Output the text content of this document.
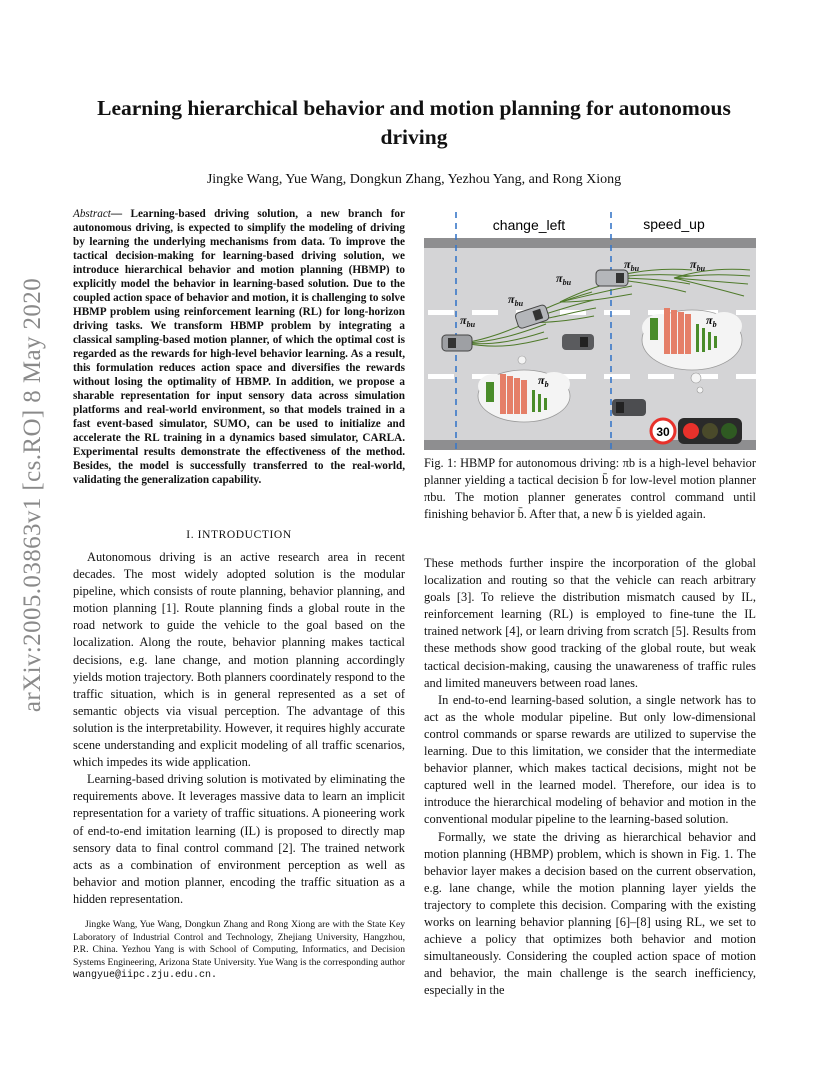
arXiv:2005.03863v1 [cs.RO] 8 May 2020
Learning hierarchical behavior and motion planning for autonomous driving
Jingke Wang, Yue Wang, Dongkun Zhang, Yezhou Yang, and Rong Xiong
Abstract— Learning-based driving solution, a new branch for autonomous driving, is expected to simplify the modeling of driving by learning the underlying mechanisms from data. To improve the tactical decision-making for learning-based driving solution, we introduce hierarchical behavior and motion planning (HBMP) to explicitly model the behavior in learning-based solution. Due to the coupled action space of behavior and motion, it is challenging to solve HBMP problem using reinforcement learning (RL) for long-horizon driving tasks. We transform HBMP problem by integrating a classical sampling-based motion planner, of which the optimal cost is regarded as the rewards for high-level behavior learning. As a result, this formulation reduces action space and diversifies the rewards without losing the optimality of HBMP. In addition, we propose a sharable representation for input sensory data across simulation platforms and real-world environment, so that models trained in a fast event-based simulator, SUMO, can be used to initialize and accelerate the RL training in a dynamics based simulator, CARLA. Experimental results demonstrate the effectiveness of the method. Besides, the model is successfully transferred to the real-world, validating the generalization capability.
I. INTRODUCTION

Autonomous driving is an active research area in recent decades. The most widely adopted solution is the modular pipeline, which consists of route planning, behavior planning, and motion planning [1]. Route planning finds a global route in the road network to guide the vehicle to the goal based on the localization. Along the route, behavior planning makes tactical decisions, e.g. lane change, and motion planning accordingly yields motion trajectory. Both planners coordinately respond to the traffic situation, which is in general represented as a set of semantic objects via visual perception. The advantage of this solution is the interpretability. However, it requires highly accurate scene understanding and explicit modeling of all traffic scenarios, which impedes its wide application.

Learning-based driving solution is motivated by eliminating the requirements above. It leverages massive data to learn an implicit representation for a variety of traffic situations. A pioneering work of end-to-end imitation learning (IL) is proposed to directly map sensory data to final control command [2]. The trained network acts as a combination of environment perception as well as behavior and motion planner, encoding the traffic situation as a hidden representation.

Jingke Wang, Yue Wang, Dongkun Zhang and Rong Xiong are with the State Key Laboratory of Industrial Control and Technology, Zhejiang University, Hangzhou, P.R. China. Yezhou Yang is with School of Computing, Informatics, and Decision Systems Engineering, Arizona State University. Yue Wang is the corresponding author wangyue@iipc.zju.edu.cn.

change_left	speed_up
$\pi_{bu}$
$\pi_{bu}$
$\pi_{bu}$
$\pi_{bu}$	$\pi_{bu}$
$\pi_b$
$\pi_b$
30
Fig. 1: HBMP for autonomous driving: πb is a high-level behavior planner yielding a tactical decision b̄ for low-level motion planner πbu. The motion planner generates control command until finishing behavior b̄. After that, a new b̄ is yielded again.

These methods further inspire the incorporation of the global localization and routing so that the vehicle can reach arbitrary goals [3]. To relieve the distribution mismatch caused by IL, reinforcement learning (RL) is employed to fine-tune the IL trained network [4], or learn driving from scratch [5]. Results from these methods show good tracking of the global route, but weak tactical decision-making, causing the unawareness of traffic rules and limited maneuvers between road lanes.

In end-to-end learning-based solution, a single network has to act as the whole modular pipeline. But only low-dimensional control commands or sparse rewards are utilized to supervise the learning. Due to this limitation, we consider that the intermediate behavior planner, which makes tactical decisions, might not be captured well in the learned model. Therefore, our idea is to introduce the hierarchical modeling of behavior and motion in the conventional modular pipeline to the learning-based solution.

Formally, we state the driving as hierarchical behavior and motion planning (HBMP) problem, which is shown in Fig. 1. The behavior layer makes a decision based on the current observation, e.g. lane change, while the motion planning layer yields the trajectory to complete this decision. Comparing with the existing works on learning behavior planning [6]–[8] using RL, we set to achieve a policy that optimizes both behavior and motion simultaneously. Considering the coupled action space of motion and behavior, the main challenge is the search inefficiency, especially in the
